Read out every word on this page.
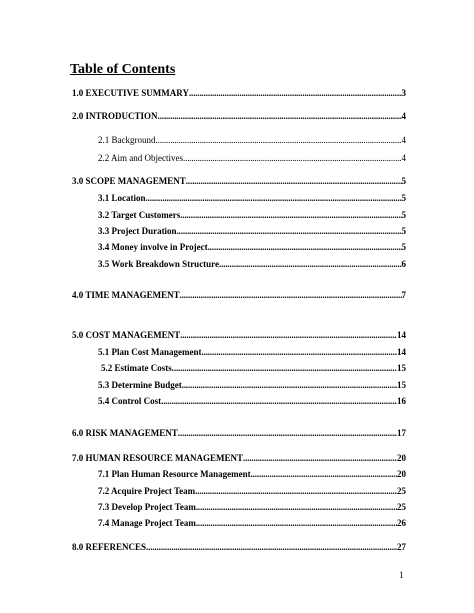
Table of Contents
1.0 EXECUTIVE SUMMARY . . .	3
2.0 INTRODUCTION . . .	4
2.1 Background . . .	4
2.2 Aim and Objectives . . .	4
3.0 SCOPE MANAGEMENT . . .	5
3.1 Location . . .	5
3.2 Target Customers . . .	5
3.3 Project Duration . . .	5
3.4 Money involve in Project . . .	5
3.5 Work Breakdown Structure . . .	6
4.0 TIME MANAGEMENT . . .	7
5.0 COST MANAGEMENT . . .	14
5.1 Plan Cost Management . . .	14
5.2 Estimate Costs . . .	15
5.3 Determine Budget . . .	15
5.4 Control Cost . . .	16
6.0 RISK MANAGEMENT . . .	17
7.0 HUMAN RESOURCE MANAGEMENT . . .	20
7.1 Plan Human Resource Management . . .	20
7.2 Acquire Project Team . . .	25
7.3 Develop Project Team . . .	25
7.4 Manage Project Team . . .	26
8.0 REFERENCES . . .	27
1
